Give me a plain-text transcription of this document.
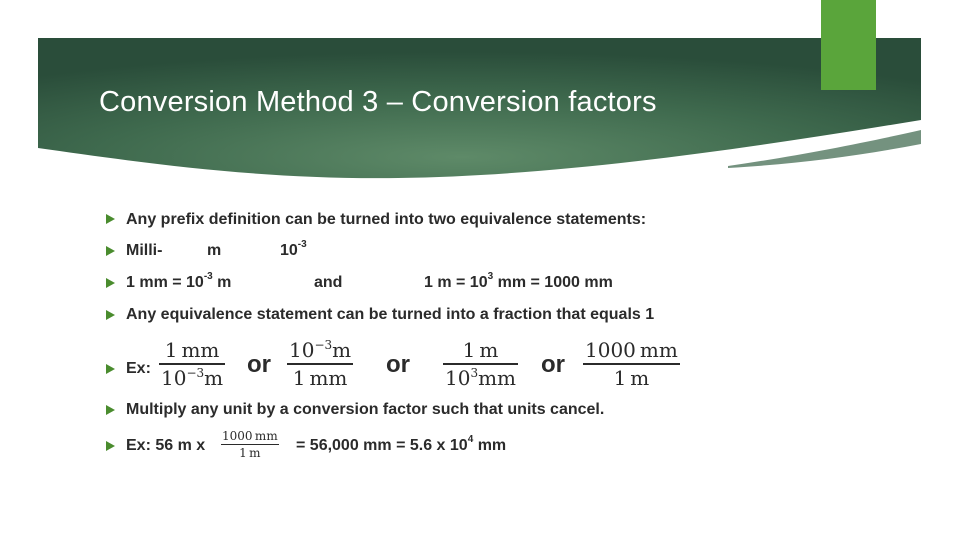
Conversion Method 3 – Conversion factors
Any prefix definition can be turned into two equivalence statements:
Milli-	m	$10^{-3}$
1 mm = $10^{-3}$ m	and	1 $m = 10^3$ mm = 1000 mm
Any equivalence statement can be turned into a fraction that equals 1
Ex:
1 mm
$10^{-3}m$ or
$10^{-3}m$
1 mm or
1 m
$10^3mm$ or
1000 mm
1 m
Multiply any unit by a conversion factor such that units cancel.
Ex: 56 m x
1000 mm
1 m = 56,000 mm = 5.6 x $10^4$ mm
